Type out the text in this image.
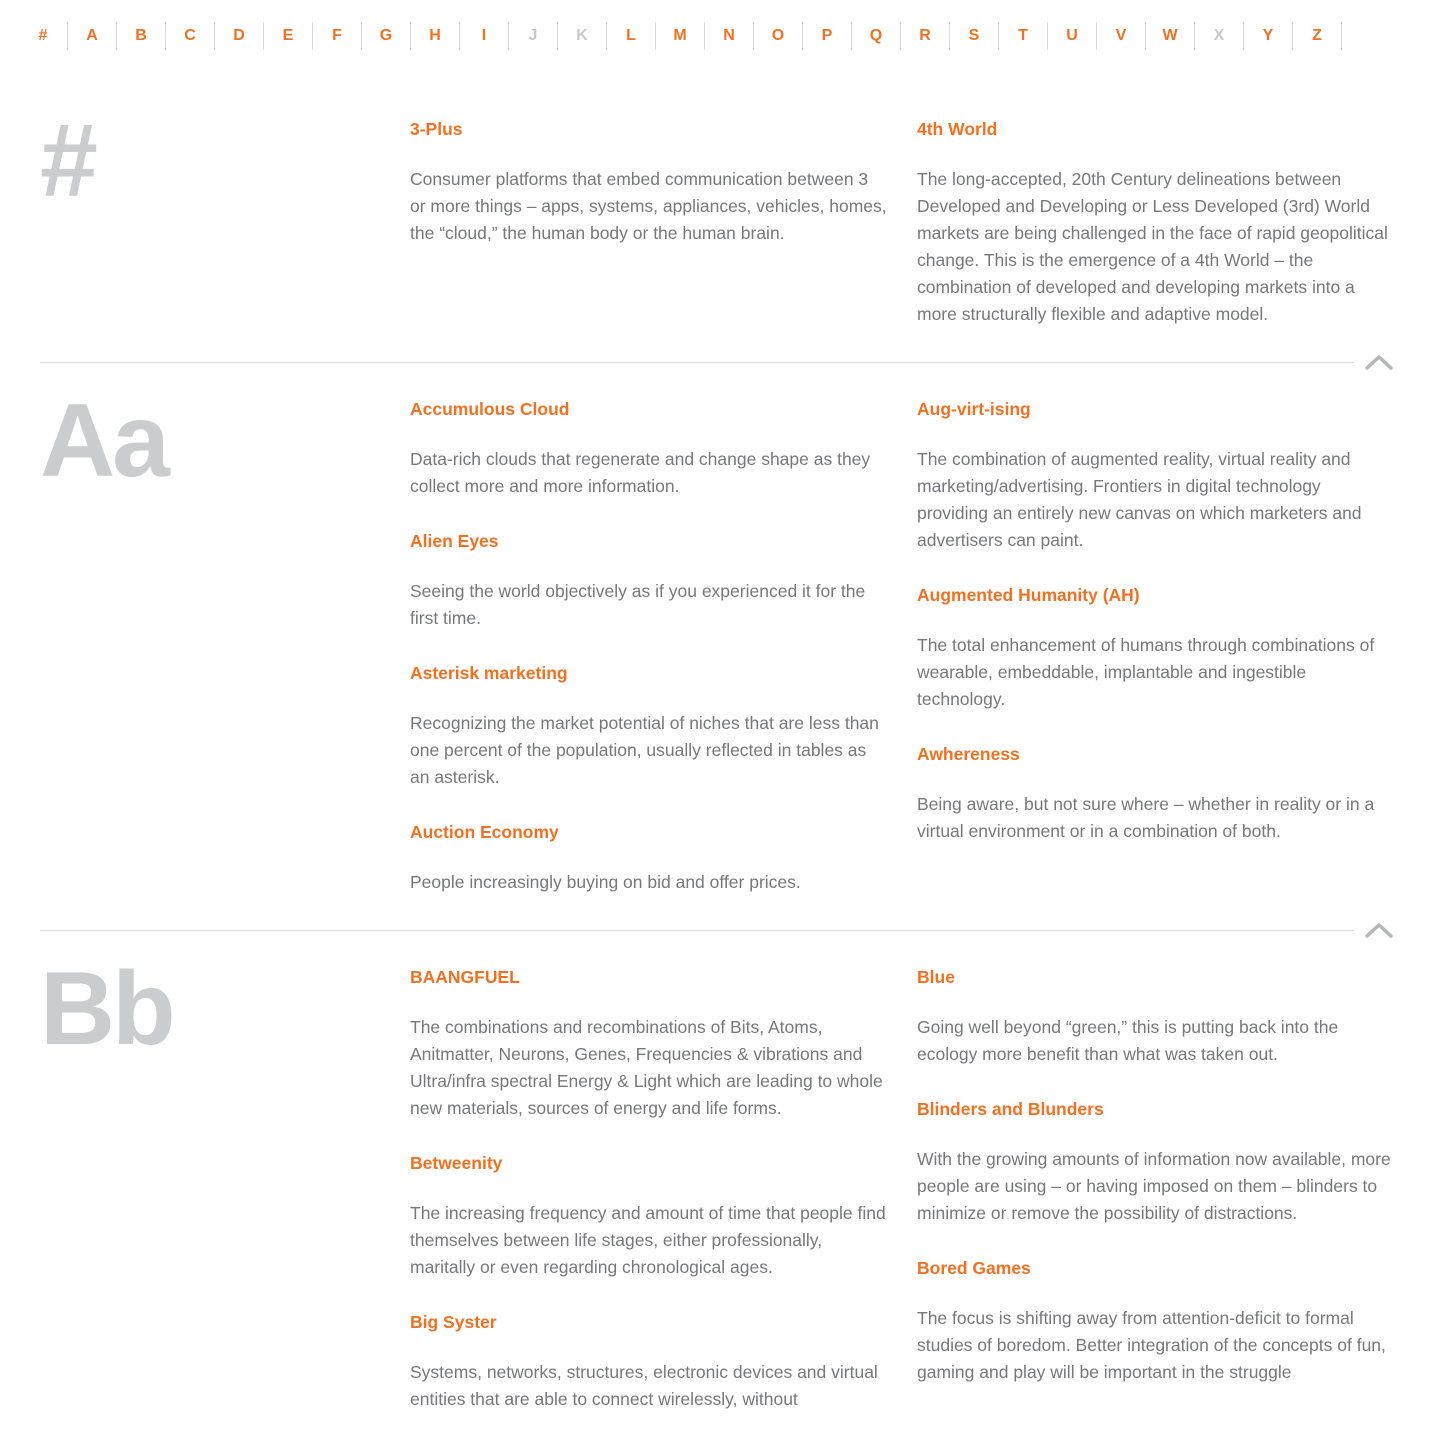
#	A	B	C	D	E	F	G	H	I	J	K	L	M	N	O	P	Q	R	S	T	U	V	W	X	Y	Z
#	3-Plus

Consumer platforms that embed communication between 3 or more things – apps, systems, appliances, vehicles, homes, the “cloud,” the human body or the human brain.

4th World

The long-accepted, 20th Century delineations between Developed and Developing or Less Developed (3rd) World markets are being challenged in the face of rapid geopolitical change. This is the emergence of a 4th World – the combination of developed and developing markets into a more structurally flexible and adaptive model.

Aa	Accumulous Cloud

Data-rich clouds that regenerate and change shape as they collect more and more information.

Alien Eyes

Seeing the world objectively as if you experienced it for the first time.

Asterisk marketing

Recognizing the market potential of niches that are less than one percent of the population, usually reflected in tables as an asterisk.

Auction Economy

People increasingly buying on bid and offer prices.

Aug-virt-ising

The combination of augmented reality, virtual reality and marketing/advertising. Frontiers in digital technology providing an entirely new canvas on which marketers and advertisers can paint.

Augmented Humanity (AH)

The total enhancement of humans through combinations of wearable, embeddable, implantable and ingestible technology.

Awhereness

Being aware, but not sure where – whether in reality or in a virtual environment or in a combination of both.

Bb	BAANGFUEL

The combinations and recombinations of Bits, Atoms, Anitmatter, Neurons, Genes, Frequencies & vibrations and Ultra/infra spectral Energy & Light which are leading to whole new materials, sources of energy and life forms.

Betweenity

The increasing frequency and amount of time that people find themselves between life stages, either professionally, maritally or even regarding chronological ages.

Big Syster

Systems, networks, structures, electronic devices and virtual entities that are able to connect wirelessly, without

Blue

Going well beyond “green,” this is putting back into the ecology more benefit than what was taken out.

Blinders and Blunders

With the growing amounts of information now available, more people are using – or having imposed on them – blinders to minimize or remove the possibility of distractions.

Bored Games

The focus is shifting away from attention-deficit to formal studies of boredom. Better integration of the concepts of fun, gaming and play will be important in the struggle
